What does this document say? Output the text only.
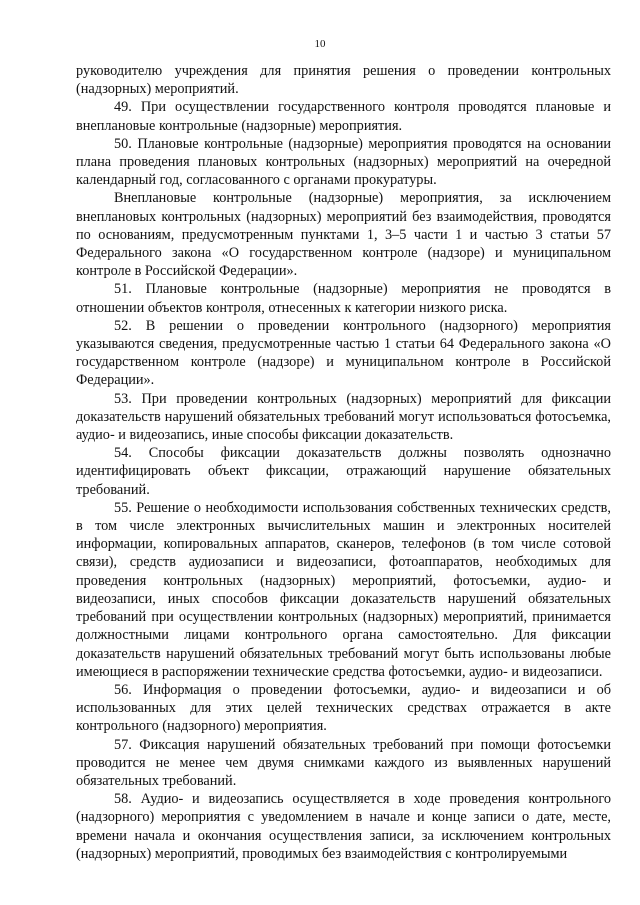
10

руководителю учреждения для принятия решения о проведении контрольных (надзорных) мероприятий.

49. При осуществлении государственного контроля проводятся плановые и внеплановые контрольные (надзорные) мероприятия.

50. Плановые контрольные (надзорные) мероприятия проводятся на основании плана проведения плановых контрольных (надзорных) мероприятий на очередной календарный год, согласованного с органами прокуратуры.

Внеплановые контрольные (надзорные) мероприятия, за исключением внеплановых контрольных (надзорных) мероприятий без взаимодействия, проводятся по основаниям, предусмотренным пунктами 1, 3–5 части 1 и частью 3 статьи 57 Федерального закона «О государственном контроле (надзоре) и муниципальном контроле в Российской Федерации».

51. Плановые контрольные (надзорные) мероприятия не проводятся в отношении объектов контроля, отнесенных к категории низкого риска.

52. В решении о проведении контрольного (надзорного) мероприятия указываются сведения, предусмотренные частью 1 статьи 64 Федерального закона «О государственном контроле (надзоре) и муниципальном контроле в Российской Федерации».

53. При проведении контрольных (надзорных) мероприятий для фиксации доказательств нарушений обязательных требований могут использоваться фотосъемка, аудио- и видеозапись, иные способы фиксации доказательств.

54. Способы фиксации доказательств должны позволять однозначно идентифицировать объект фиксации, отражающий нарушение обязательных требований.

55. Решение о необходимости использования собственных технических средств, в том числе электронных вычислительных машин и электронных носителей информации, копировальных аппаратов, сканеров, телефонов (в том числе сотовой связи), средств аудиозаписи и видеозаписи, фотоаппаратов, необходимых для проведения контрольных (надзорных) мероприятий, фотосъемки, аудио- и видеозаписи, иных способов фиксации доказательств нарушений обязательных требований при осуществлении контрольных (надзорных) мероприятий, принимается должностными лицами контрольного органа самостоятельно. Для фиксации доказательств нарушений обязательных требований могут быть использованы любые имеющиеся в распоряжении технические средства фотосъемки, аудио- и видеозаписи.

56. Информация о проведении фотосъемки, аудио- и видеозаписи и об использованных для этих целей технических средствах отражается в акте контрольного (надзорного) мероприятия.

57. Фиксация нарушений обязательных требований при помощи фотосъемки проводится не менее чем двумя снимками каждого из выявленных нарушений обязательных требований.

58. Аудио- и видеозапись осуществляется в ходе проведения контрольного (надзорного) мероприятия с уведомлением в начале и конце записи о дате, месте, времени начала и окончания осуществления записи, за исключением контрольных (надзорных) мероприятий, проводимых без взаимодействия с контролируемыми
